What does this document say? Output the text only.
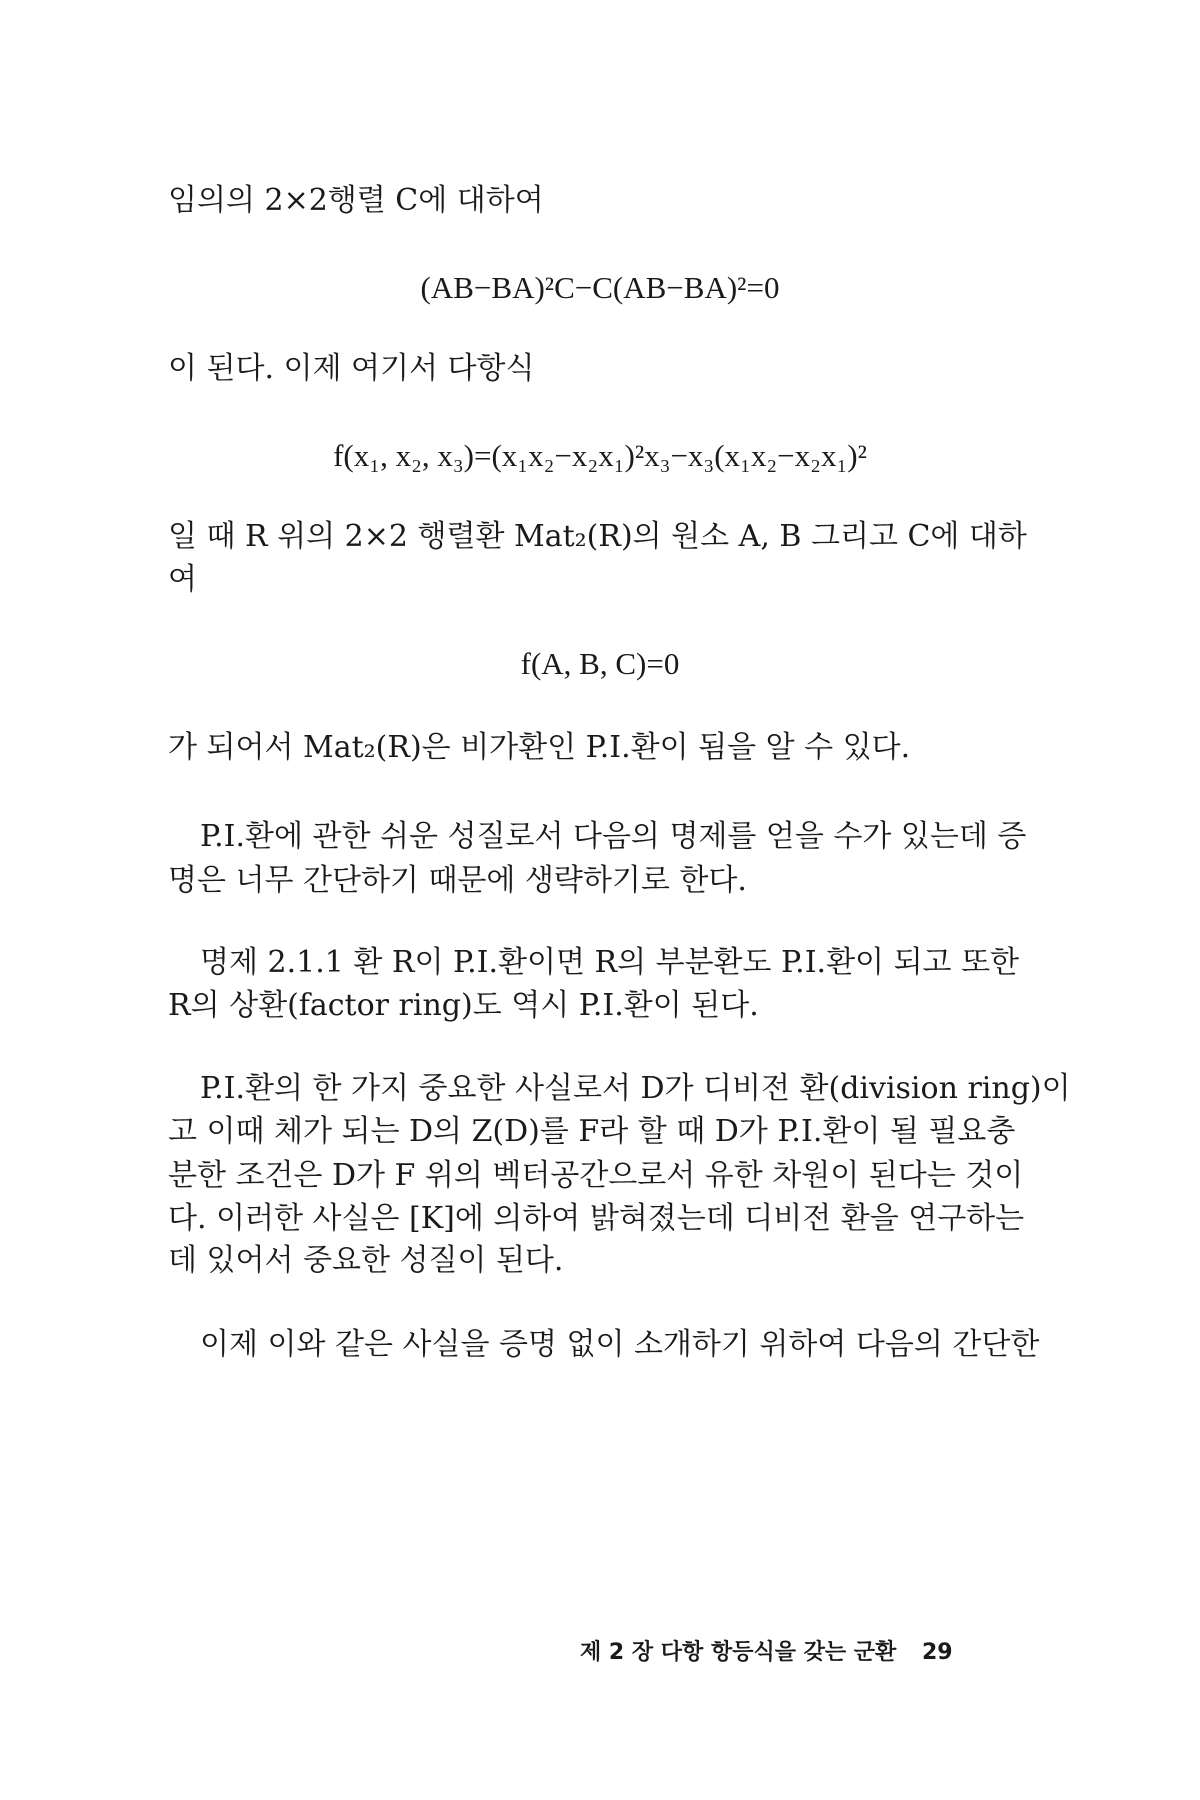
임의의 2×2행렬 C에 대하여
(AB−BA)²C−C(AB−BA)²=0
이 된다. 이제 여기서 다항식
f(x₁, x₂, x₃)=(x₁x₂−x₂x₁)²x₃−x₃(x₁x₂−x₂x₁)²
일 때 R 위의 2×2 행렬환 Mat₂(R)의 원소 A, B 그리고 C에 대하
여
f(A, B, C)=0
가 되어서 Mat₂(R)은 비가환인 P.I.환이 됨을 알 수 있다.
P.I.환에 관한 쉬운 성질로서 다음의 명제를 얻을 수가 있는데 증
명은 너무 간단하기 때문에 생략하기로 한다.
명제 2.1.1 환 R이 P.I.환이면 R의 부분환도 P.I.환이 되고 또한
R의 상환(factor ring)도 역시 P.I.환이 된다.
P.I.환의 한 가지 중요한 사실로서 D가 디비전 환(division ring)이
고 이때 체가 되는 D의 Z(D)를 F라 할 때 D가 P.I.환이 될 필요충
분한 조건은 D가 F 위의 벡터공간으로서 유한 차원이 된다는 것이
다. 이러한 사실은 [K]에 의하여 밝혀졌는데 디비전 환을 연구하는
데 있어서 중요한 성질이 된다.
이제 이와 같은 사실을 증명 없이 소개하기 위하여 다음의 간단한
제 2 장 다항 항등식을 갖는 군환 29
